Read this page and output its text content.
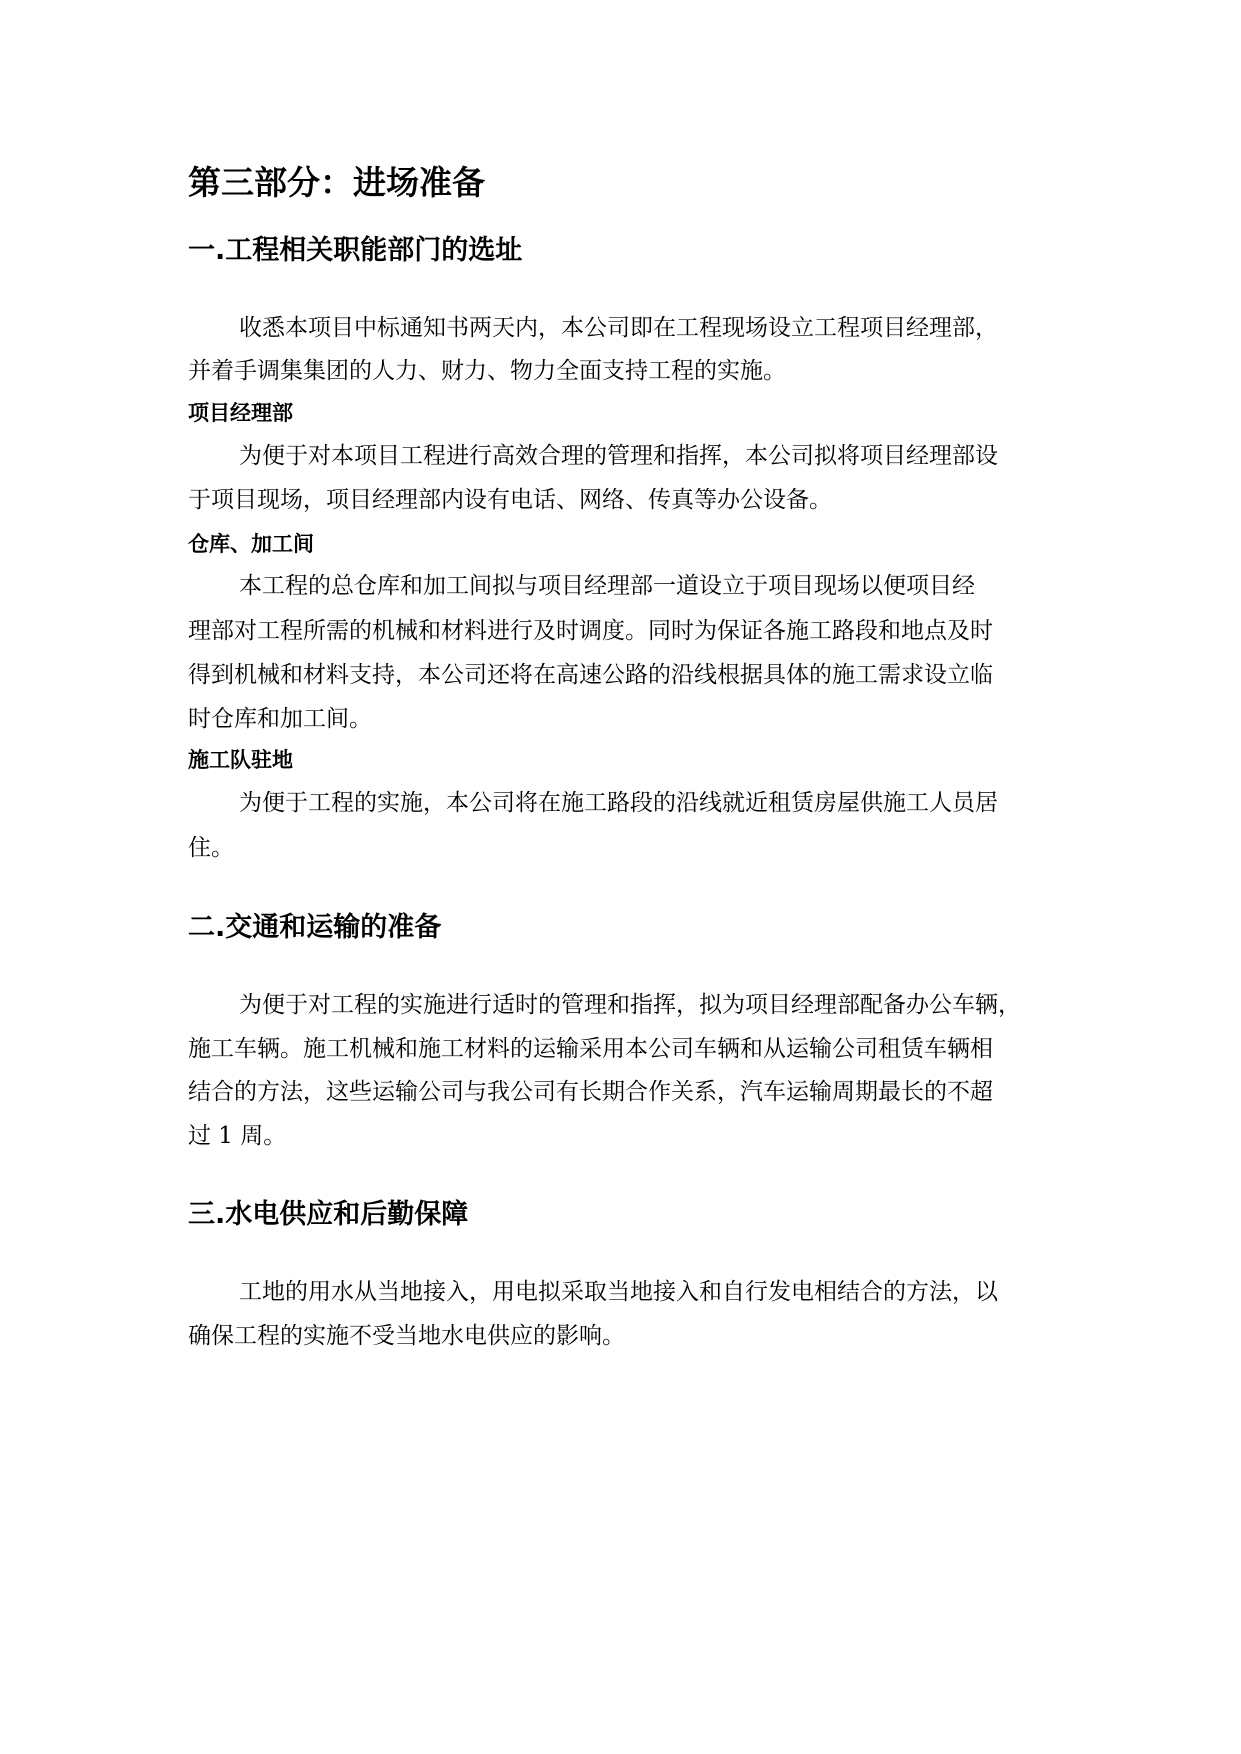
第三部分：进场准备
一.工程相关职能部门的选址

收悉本项目中标通知书两天内，本公司即在工程现场设立工程项目经理部，

并着手调集集团的人力、财力、物力全面支持工程的实施。

项目经理部

为便于对本项目工程进行高效合理的管理和指挥，本公司拟将项目经理部设

于项目现场，项目经理部内设有电话、网络、传真等办公设备。

仓库、加工间

本工程的总仓库和加工间拟与项目经理部一道设立于项目现场以便项目经

理部对工程所需的机械和材料进行及时调度。同时为保证各施工路段和地点及时

得到机械和材料支持，本公司还将在高速公路的沿线根据具体的施工需求设立临

时仓库和加工间。

施工队驻地

为便于工程的实施，本公司将在施工路段的沿线就近租赁房屋供施工人员居

住。

二.交通和运输的准备

为便于对工程的实施进行适时的管理和指挥，拟为项目经理部配备办公车辆，

施工车辆。施工机械和施工材料的运输采用本公司车辆和从运输公司租赁车辆相

结合的方法，这些运输公司与我公司有长期合作关系，汽车运输周期最长的不超

过 1 周。

三.水电供应和后勤保障

工地的用水从当地接入，用电拟采取当地接入和自行发电相结合的方法，以

确保工程的实施不受当地水电供应的影响。
